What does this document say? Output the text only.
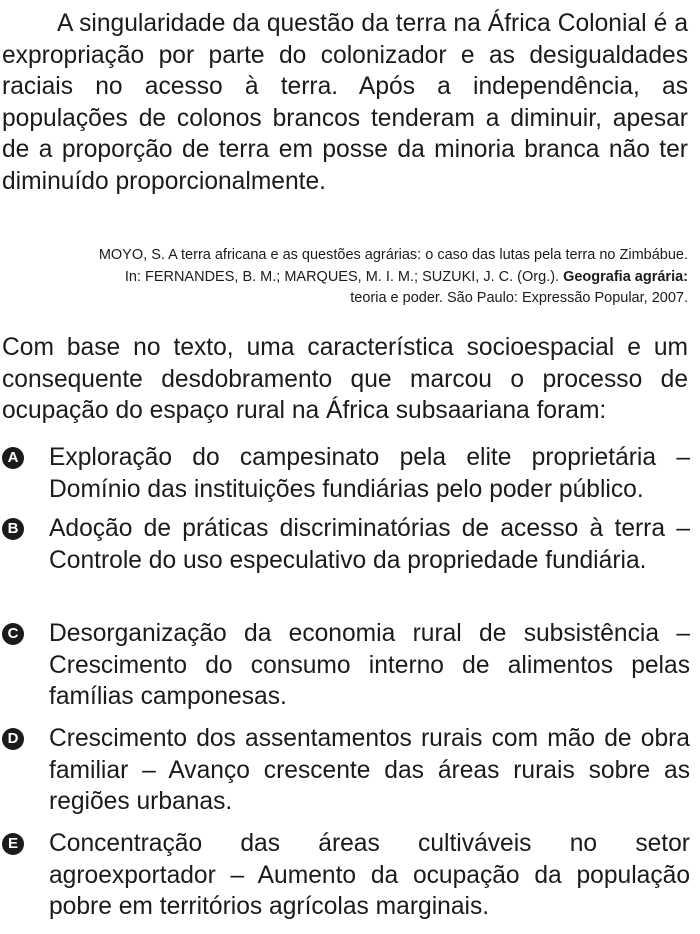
A singularidade da questão da terra na África Colonial é a expropriação por parte do colonizador e as desigualdades raciais no acesso à terra. Após a independência, as populações de colonos brancos tenderam a diminuir, apesar de a proporção de terra em posse da minoria branca não ter diminuído proporcionalmente.

MOYO, S. A terra africana e as questões agrárias: o caso das lutas pela terra no Zimbábue.
In: FERNANDES, B. M.; MARQUES, M. I. M.; SUZUKI, J. C. (Org.). Geografia agrária:
teoria e poder. São Paulo: Expressão Popular, 2007.

Com base no texto, uma característica socioespacial e um consequente desdobramento que marcou o processo de ocupação do espaço rural na África subsaariana foram:

A Exploração do campesinato pela elite proprietária – Domínio das instituições fundiárias pelo poder público.

B Adoção de práticas discriminatórias de acesso à terra – Controle do uso especulativo da propriedade fundiária.

C Desorganização da economia rural de subsistência – Crescimento do consumo interno de alimentos pelas famílias camponesas.

D Crescimento dos assentamentos rurais com mão de obra familiar – Avanço crescente das áreas rurais sobre as regiões urbanas.

E Concentração das áreas cultiváveis no setor agroexportador – Aumento da ocupação da população pobre em territórios agrícolas marginais.
